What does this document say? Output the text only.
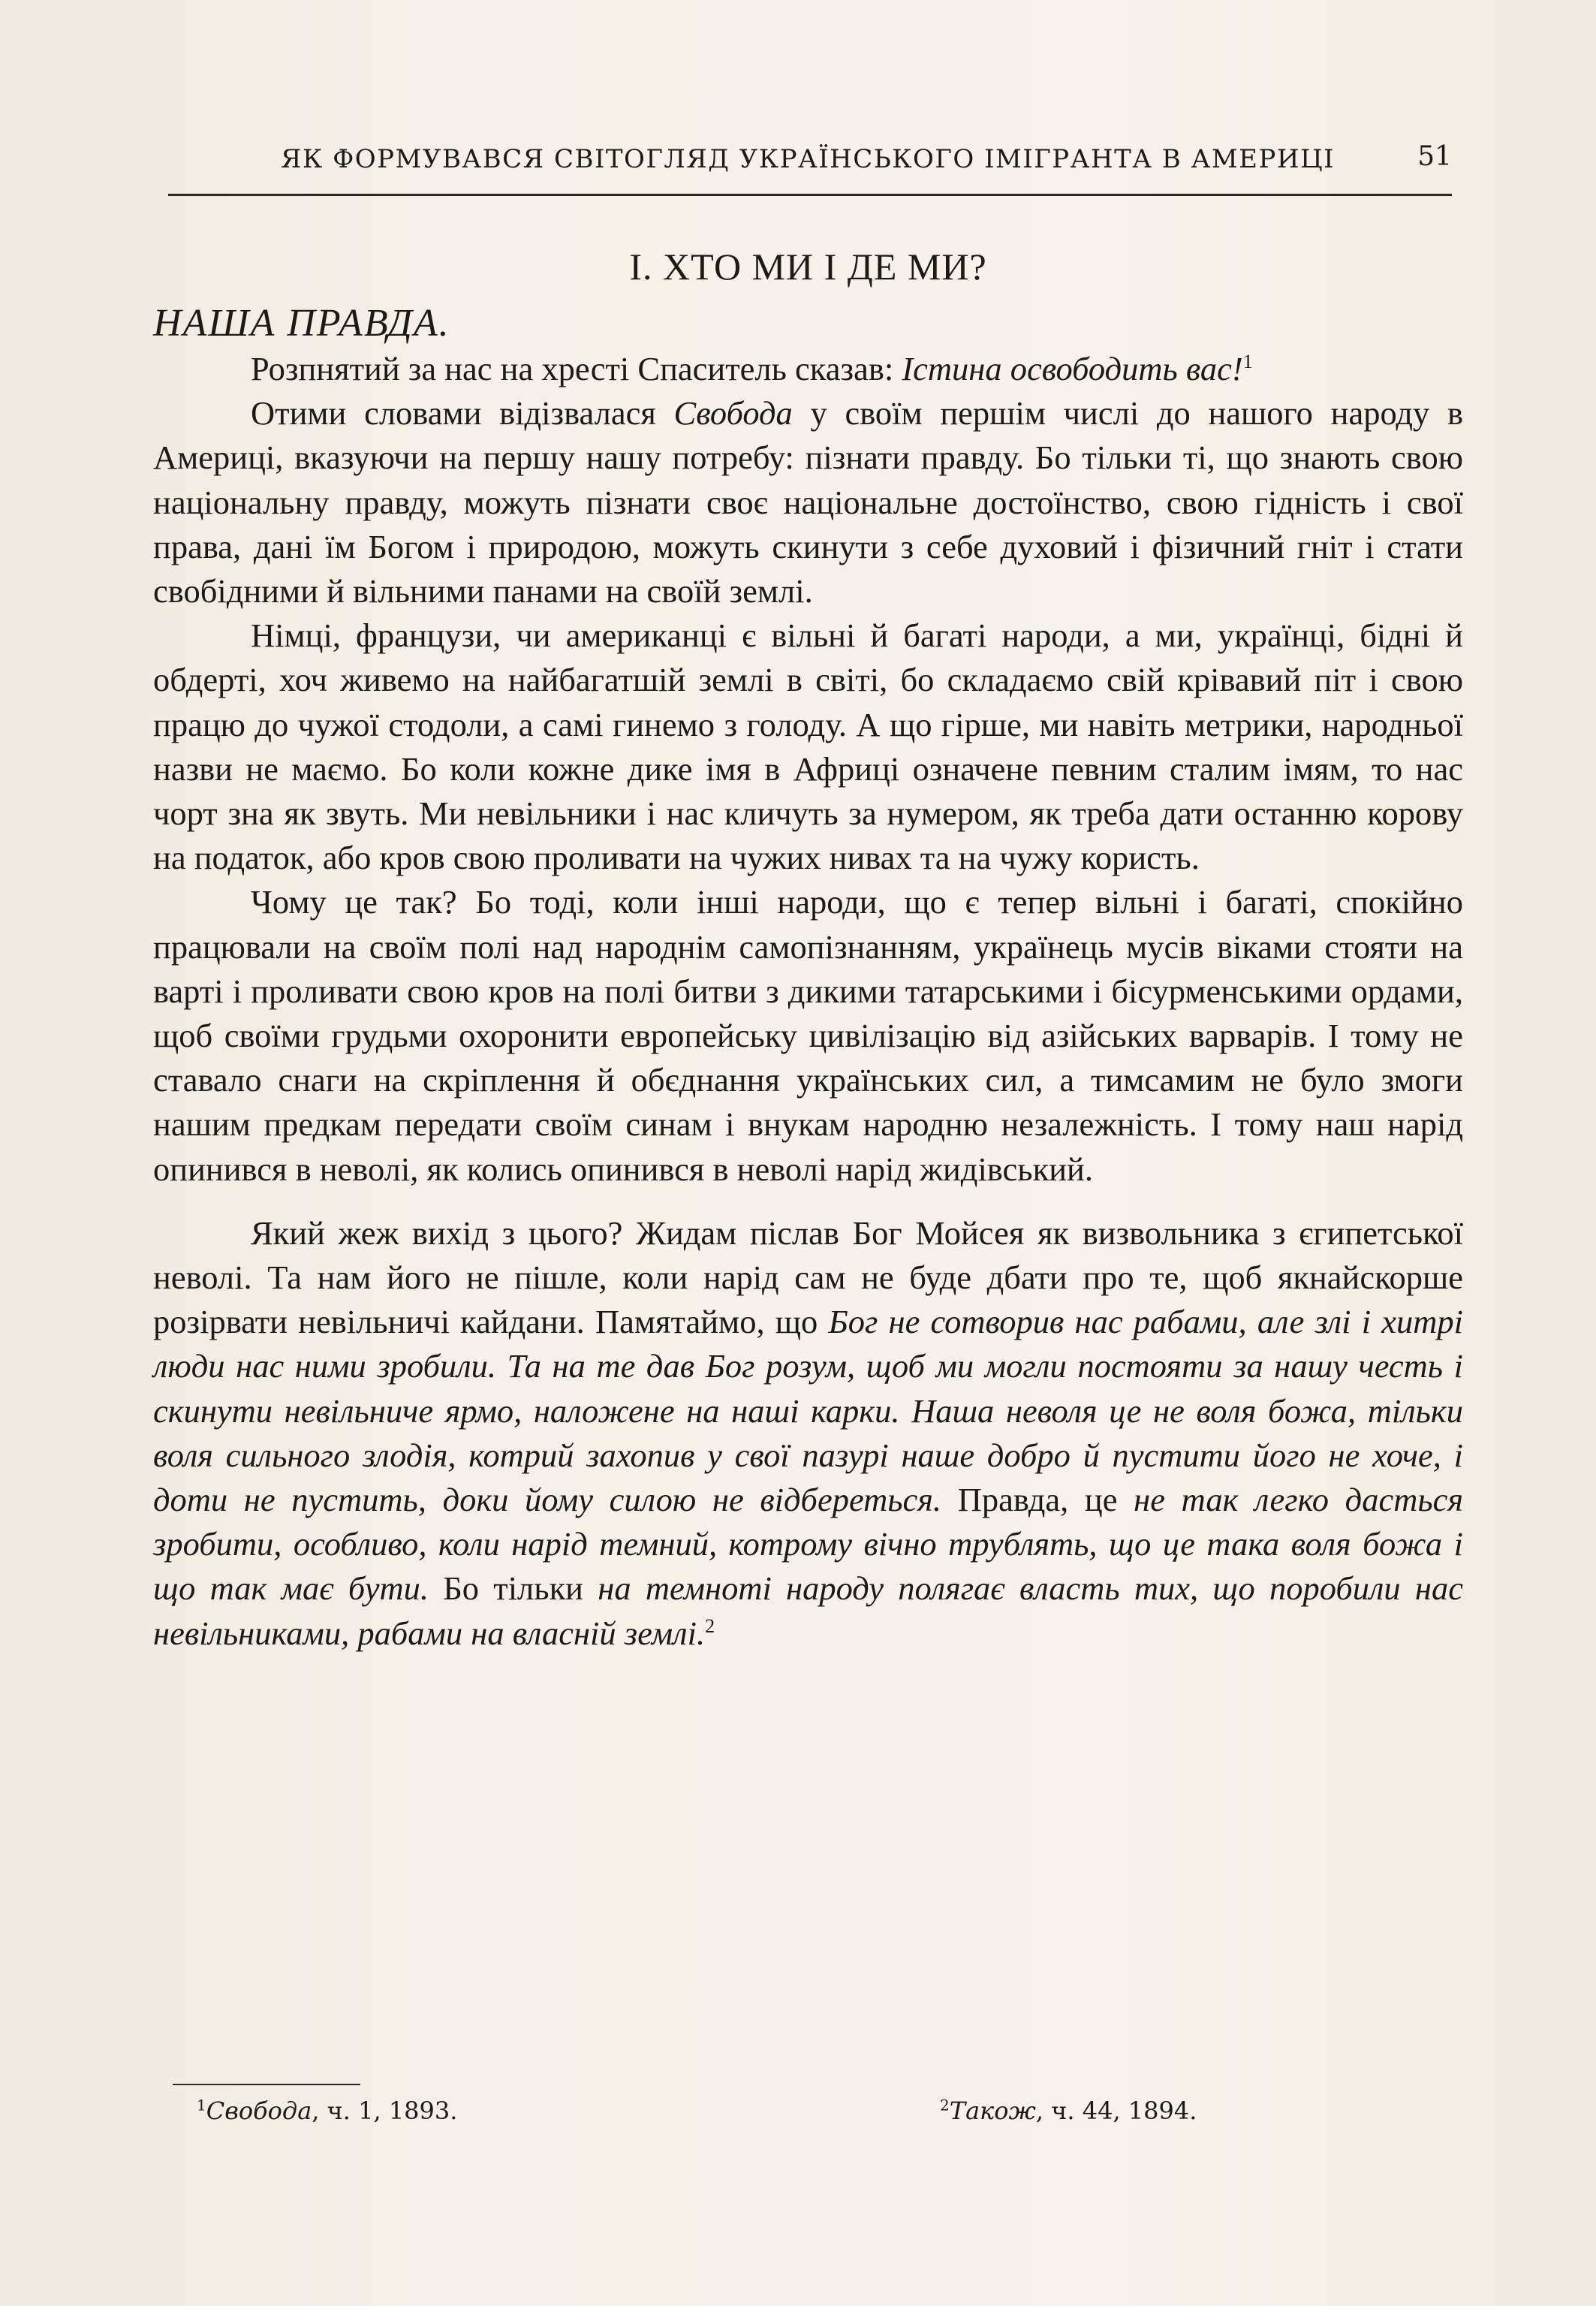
ЯК ФОРМУВАВСЯ СВІТОГЛЯД УКРАЇНСЬКОГО ІМІГРАНТА В АМЕРИЦІ	51
I. ХТО МИ І ДЕ МИ?
НАША ПРАВДА.

Розпнятий за нас на хресті Спаситель сказав: Істина освободить вас!$^1$

Отими словами відізвалася Свобода у своїм першім числі до нашого народу в Америці, вказуючи на першу нашу потребу: пізнати правду. Бо тільки ті, що знають свою національну правду, можуть пізнати своє національне достоїнство, свою гідність і свої права, дані їм Богом і природою, можуть скинути з себе духовий і фізичний гніт і стати свобідними й вільними панами на своїй землі.

Німці, французи, чи американці є вільні й багаті народи, а ми, українці, бідні й обдерті, хоч живемо на найбагатшій землі в світі, бо складаємо свій крівавий піт і свою працю до чужої стодоли, а самі гинемо з голоду. А що гірше, ми навіть метрики, народньої назви не маємо. Бо коли кожне дике імя в Африці означене певним сталим імям, то нас чорт зна як звуть. Ми невільники і нас кличуть за нумером, як треба дати останню корову на податок, або кров свою проливати на чужих нивах та на чужу користь.

Чому це так? Бо тоді, коли інші народи, що є тепер вільні і багаті, спокійно працювали на своїм полі над народнім самопізнанням, українець мусів віками стояти на варті і проливати свою кров на полі битви з дикими татарськими і бісурменськими ордами, щоб своїми грудьми охоронити европейську цивілізацію від азійських варварів. І тому не ставало снаги на скріплення й обєднання українських сил, а тимсамим не було змоги нашим предкам передати своїм синам і внукам народню незалежність. І тому наш нарід опинився в неволі, як колись опинився в неволі нарід жидівський.

Який жеж вихід з цього? Жидам післав Бог Мойсея як визвольника з єгипетської неволі. Та нам його не пішле, коли нарід сам не буде дбати про те, щоб якнайскорше розірвати невільничі кайдани. Памятаймо, що Бог не сотворив нас рабами, але злі і хитрі люди нас ними зробили. Та на те дав Бог розум, щоб ми могли постояти за нашу честь і скинути невільниче ярмо, наложене на наші карки. Наша неволя це не воля божа, тільки воля сильного злодія, котрий захопив у свої пазурі наше добро й пустити його не хоче, і доти не пустить, доки йому силою не відберетьcя. Правда, це не так легко дастьcя зробити, особливо, коли нарід темний, котрому вічно трублять, що це така воля божа і що так має бути. Бо тільки на темноті народу полягає власть тих, що поробили нас невільниками, рабами на власній землі.$^2$

$^1$Свобода, ч. 1, 1893.	$^2$Також, ч. 44, 1894.
